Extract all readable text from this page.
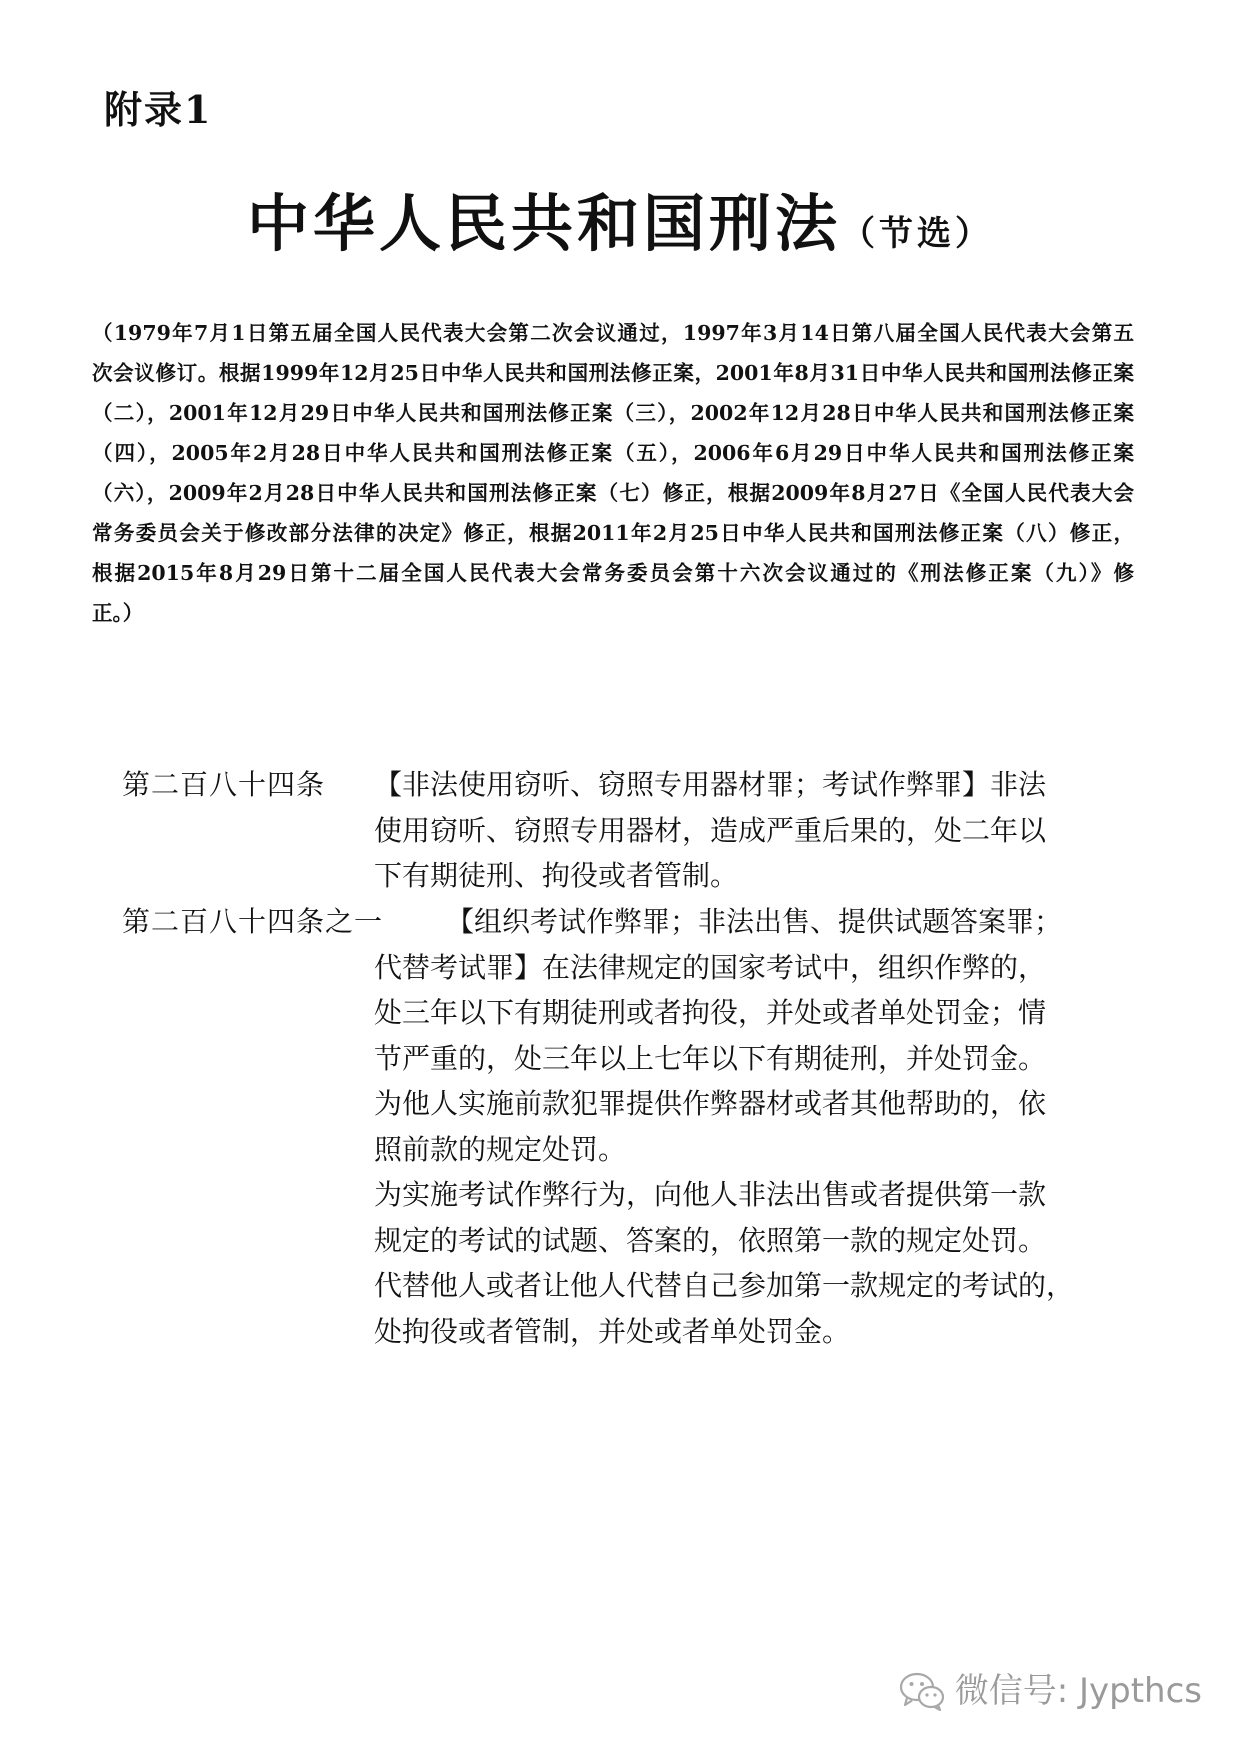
附录1
中华人民共和国刑法（节选）
（1979年7月1日第五届全国人民代表大会第二次会议通过，1997年3月14日第八届全国人民代表大会第五
次会议修订。根据1999年12月25日中华人民共和国刑法修正案，2001年8月31日中华人民共和国刑法修正案
（二），2001年12月29日中华人民共和国刑法修正案（三），2002年12月28日中华人民共和国刑法修正案
（四），2005年2月28日中华人民共和国刑法修正案（五），2006年6月29日中华人民共和国刑法修正案
（六），2009年2月28日中华人民共和国刑法修正案（七）修正，根据2009年8月27日《全国人民代表大会
常务委员会关于修改部分法律的决定》修正，根据2011年2月25日中华人民共和国刑法修正案（八）修正，
根据2015年8月29日第十二届全国人民代表大会常务委员会第十六次会议通过的《刑法修正案（九）》修
正。）
第二百八十四条 【非法使用窃听、窃照专用器材罪；考试作弊罪】非法
使用窃听、窃照专用器材，造成严重后果的，处二年以
下有期徒刑、拘役或者管制。
第二百八十四条之一	【组织考试作弊罪；非法出售、提供试题答案罪；
代替考试罪】在法律规定的国家考试中，组织作弊的，
处三年以下有期徒刑或者拘役，并处或者单处罚金；情
节严重的，处三年以上七年以下有期徒刑，并处罚金。
为他人实施前款犯罪提供作弊器材或者其他帮助的，依
照前款的规定处罚。
为实施考试作弊行为，向他人非法出售或者提供第一款
规定的考试的试题、答案的，依照第一款的规定处罚。
代替他人或者让他人代替自己参加第一款规定的考试的，
处拘役或者管制，并处或者单处罚金。
微信号: Jypthcs
